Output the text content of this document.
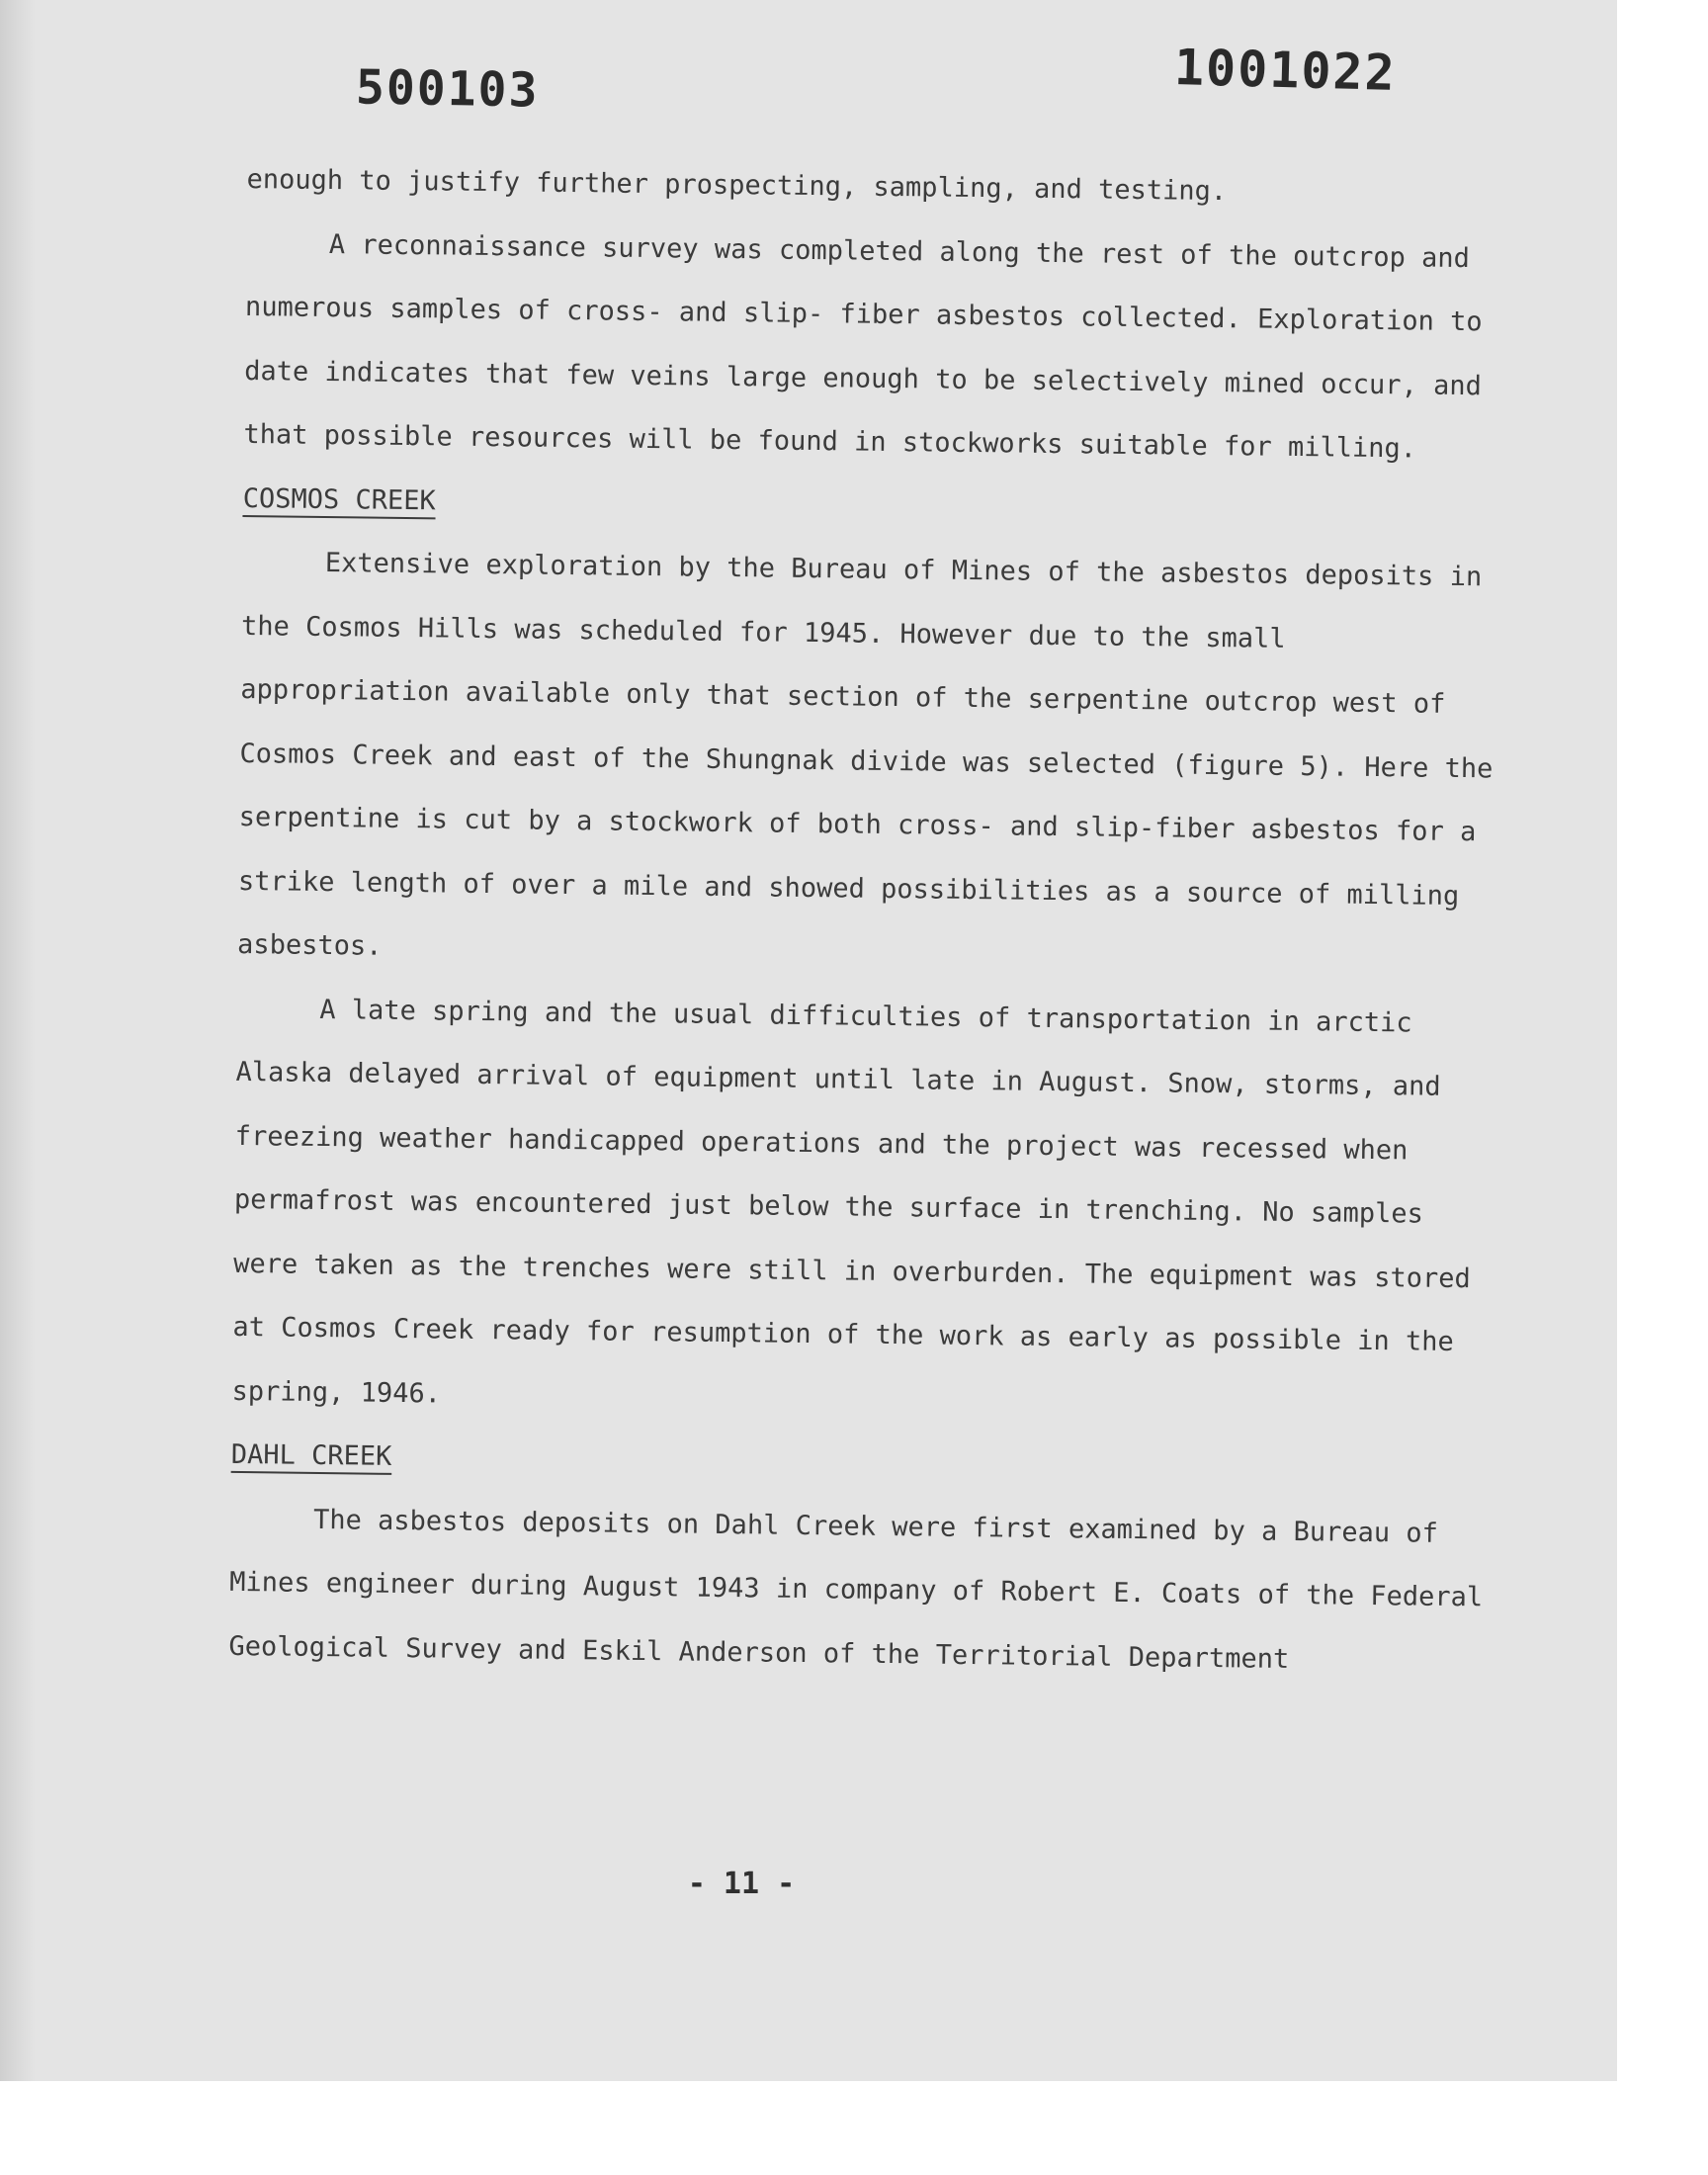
500103	1001022

enough to justify further prospecting, sampling, and testing.

A reconnaissance survey was completed along the rest of the outcrop and numerous samples of cross- and slip- fiber asbestos collected. Exploration to date indicates that few veins large enough to be selectively mined occur, and that possible resources will be found in stockworks suitable for milling.

COSMOS CREEK

Extensive exploration by the Bureau of Mines of the asbestos deposits in the Cosmos Hills was scheduled for 1945. However due to the small appropriation available only that section of the serpentine outcrop west of Cosmos Creek and east of the Shungnak divide was selected (figure 5). Here the serpentine is cut by a stockwork of both cross- and slip-fiber asbestos for a strike length of over a mile and showed possibilities as a source of milling asbestos.

A late spring and the usual difficulties of transportation in arctic Alaska delayed arrival of equipment until late in August. Snow, storms, and freezing weather handicapped operations and the project was recessed when permafrost was encountered just below the surface in trenching. No samples were taken as the trenches were still in overburden. The equipment was stored at Cosmos Creek ready for resumption of the work as early as possible in the spring, 1946.

DAHL CREEK

The asbestos deposits on Dahl Creek were first examined by a Bureau of Mines engineer during August 1943 in company of Robert E. Coats of the Federal Geological Survey and Eskil Anderson of the Territorial Department

- 11 -
